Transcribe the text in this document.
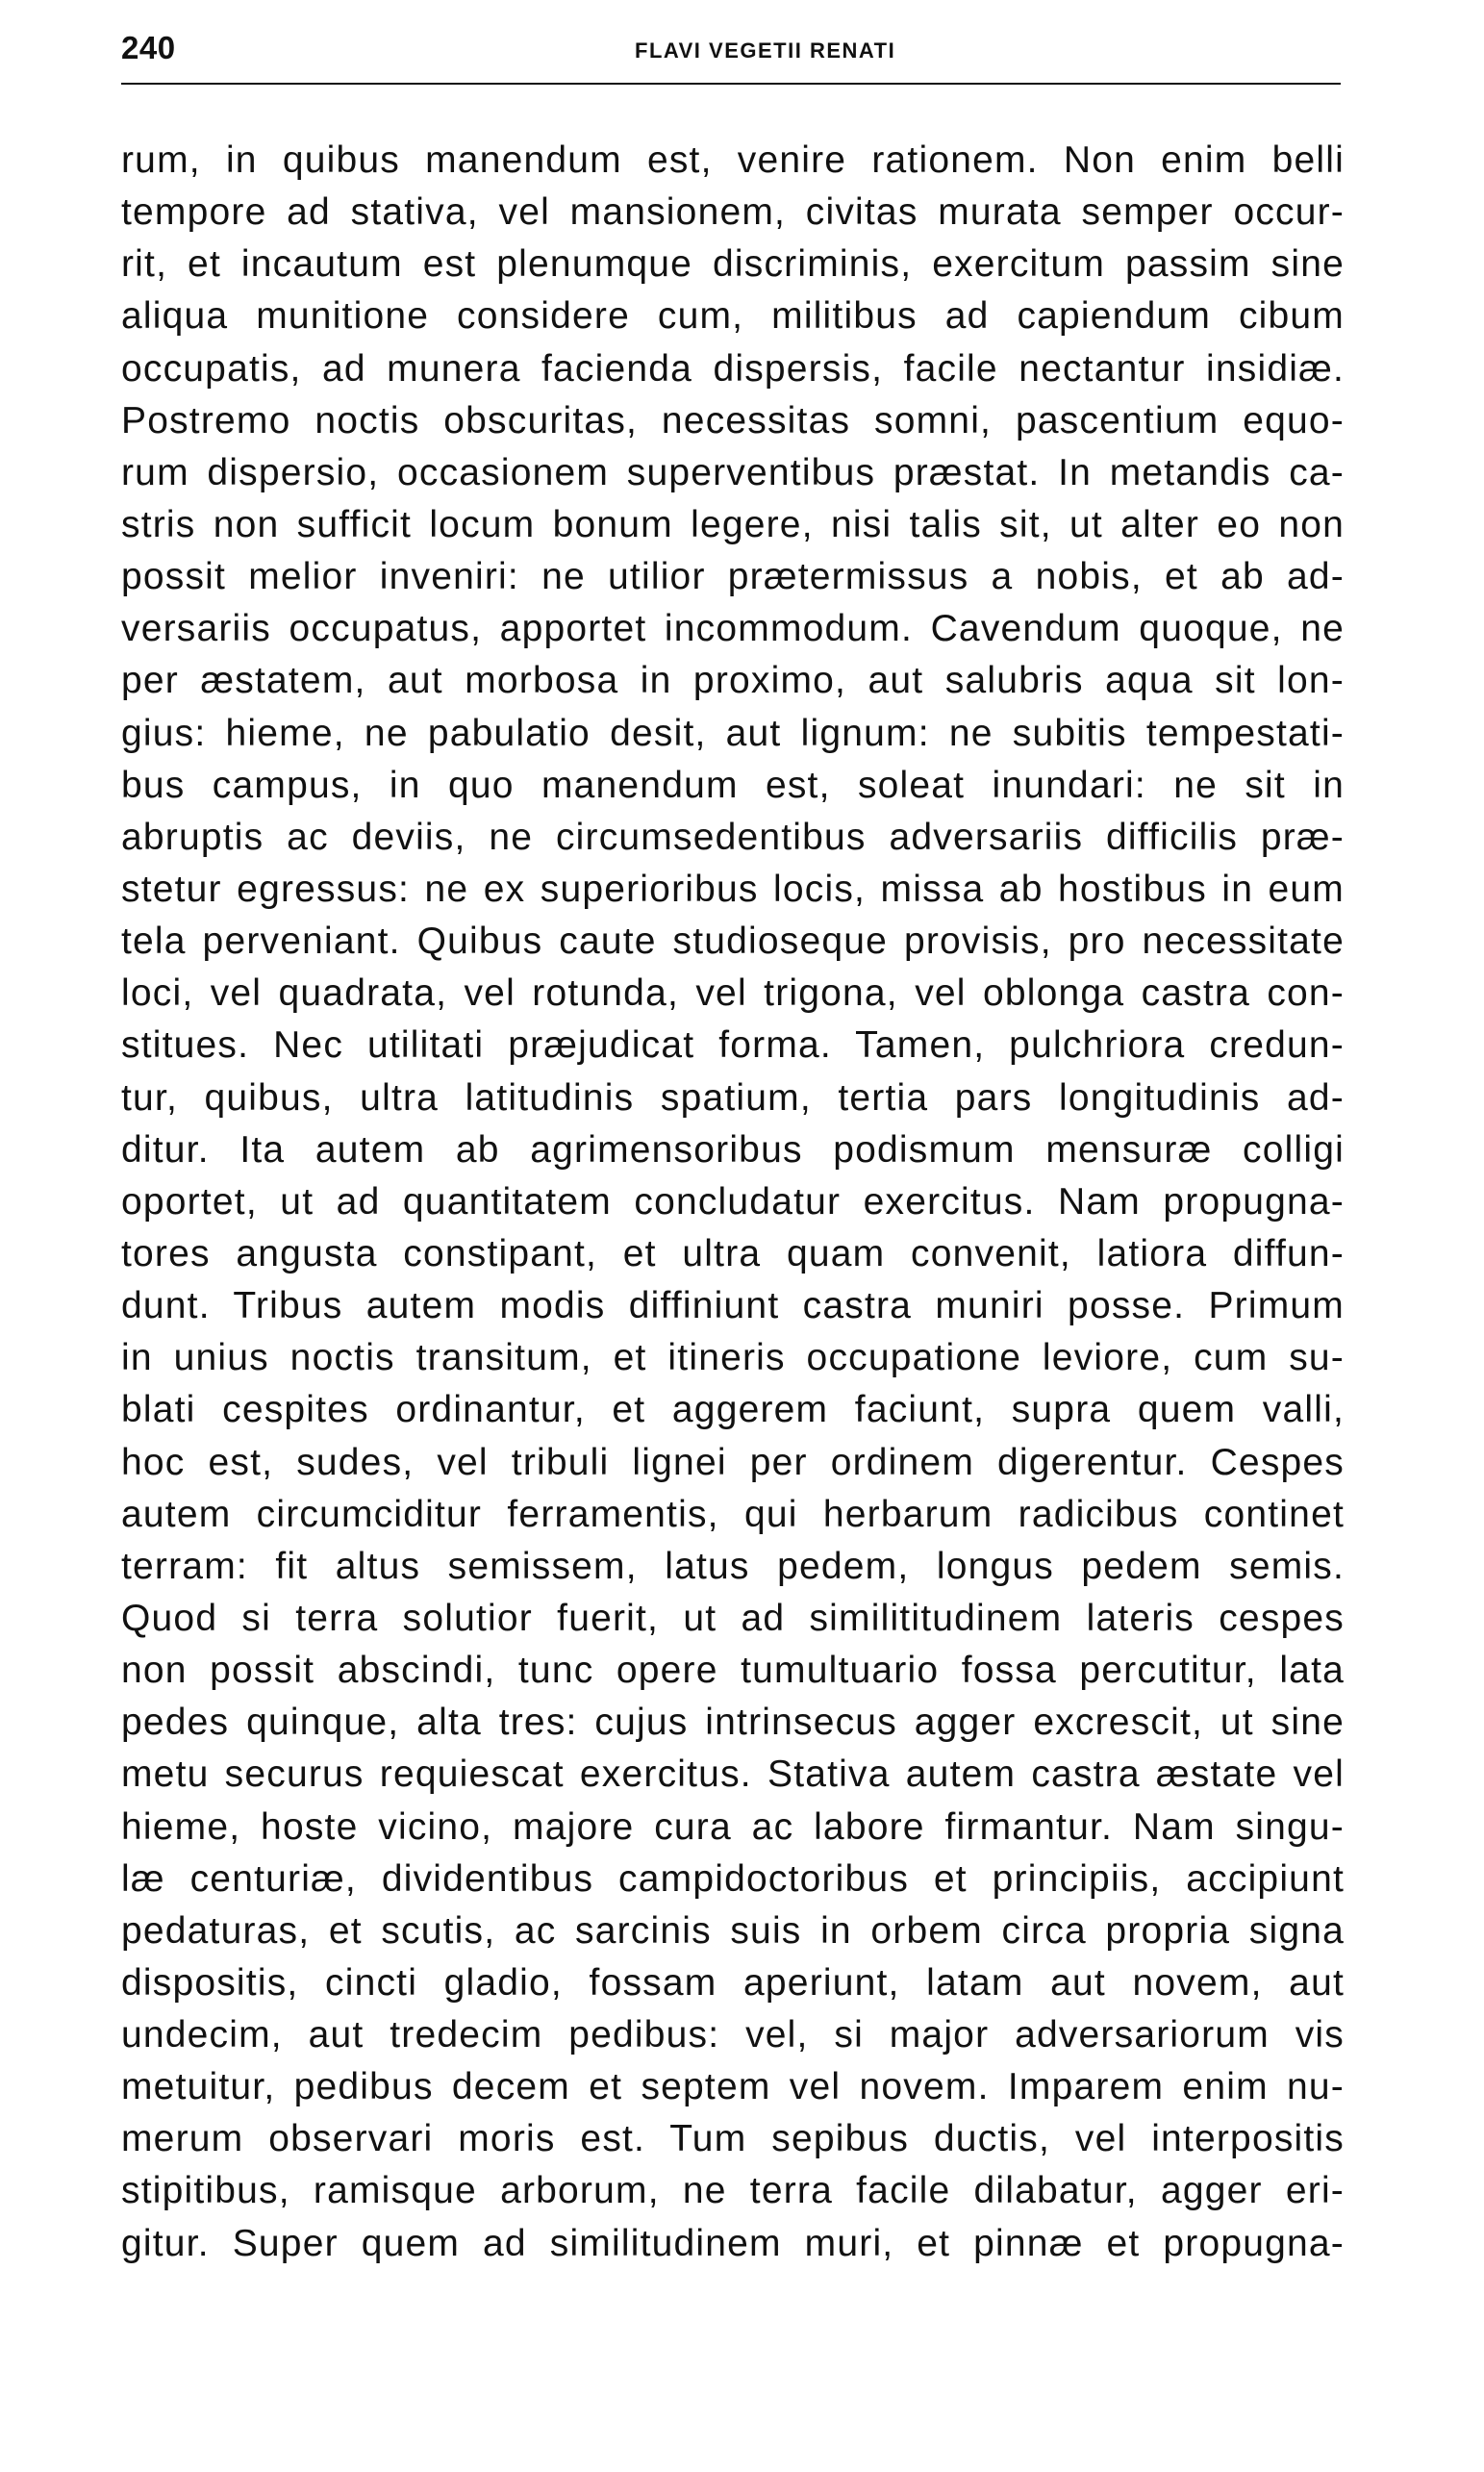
240	FLAVI VEGETII RENATI
rum, in quibus manendum est, venire rationem. Non enim belli
tempore ad stativa, vel mansionem, civitas murata semper occur-
rit, et incautum est plenumque discriminis, exercitum passim sine
aliqua munitione considere cum, militibus ad capiendum cibum
occupatis, ad munera facienda dispersis, facile nectantur insidiæ.
Postremo noctis obscuritas, necessitas somni, pascentium equo-
rum dispersio, occasionem superventibus præstat. In metandis ca-
stris non sufficit locum bonum legere, nisi talis sit, ut alter eo non
possit melior inveniri: ne utilior prætermissus a nobis, et ab ad-
versariis occupatus, apportet incommodum. Cavendum quoque, ne
per æstatem, aut morbosa in proximo, aut salubris aqua sit lon-
gius: hieme, ne pabulatio desit, aut lignum: ne subitis tempestati-
bus campus, in quo manendum est, soleat inundari: ne sit in
abruptis ac deviis, ne circumsedentibus adversariis difficilis præ-
stetur egressus: ne ex superioribus locis, missa ab hostibus in eum
tela perveniant. Quibus caute studioseque provisis, pro necessitate
loci, vel quadrata, vel rotunda, vel trigona, vel oblonga castra con-
stitues. Nec utilitati præjudicat forma. Tamen, pulchriora credun-
tur, quibus, ultra latitudinis spatium, tertia pars longitudinis ad-
ditur. Ita autem ab agrimensoribus podismum mensuræ colligi
oportet, ut ad quantitatem concludatur exercitus. Nam propugna-
tores angusta constipant, et ultra quam convenit, latiora diffun-
dunt. Tribus autem modis diffiniunt castra muniri posse. Primum
in unius noctis transitum, et itineris occupatione leviore, cum su-
blati cespites ordinantur, et aggerem faciunt, supra quem valli,
hoc est, sudes, vel tribuli lignei per ordinem digerentur. Cespes
autem circumciditur ferramentis, qui herbarum radicibus continet
terram: fit altus semissem, latus pedem, longus pedem semis.
Quod si terra solutior fuerit, ut ad similititudinem lateris cespes
non possit abscindi, tunc opere tumultuario fossa percutitur, lata
pedes quinque, alta tres: cujus intrinsecus agger excrescit, ut sine
metu securus requiescat exercitus. Stativa autem castra æstate vel
hieme, hoste vicino, majore cura ac labore firmantur. Nam singu-
læ centuriæ, dividentibus campidoctoribus et principiis, accipiunt
pedaturas, et scutis, ac sarcinis suis in orbem circa propria signa
dispositis, cincti gladio, fossam aperiunt, latam aut novem, aut
undecim, aut tredecim pedibus: vel, si major adversariorum vis
metuitur, pedibus decem et septem vel novem. Imparem enim nu-
merum observari moris est. Tum sepibus ductis, vel interpositis
stipitibus, ramisque arborum, ne terra facile dilabatur, agger eri-
gitur. Super quem ad similitudinem muri, et pinnæ et propugna-
